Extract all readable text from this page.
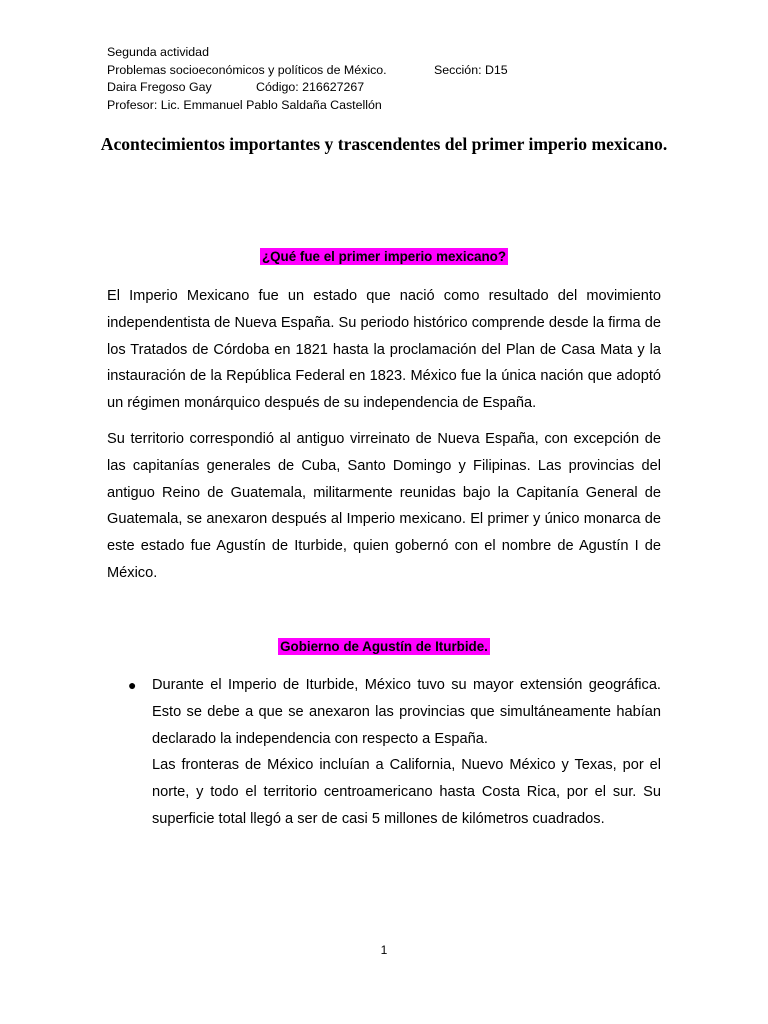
Segunda actividad
Problemas socioeconómicos y políticos de México.	Sección: D15
Daira Fregoso Gay	Código: 216627267
Profesor: Lic. Emmanuel Pablo Saldaña Castellón
Acontecimientos importantes y trascendentes del primer imperio mexicano.
¿Qué fue el primer imperio mexicano?
El Imperio Mexicano fue un estado que nació como resultado del movimiento independentista de Nueva España. Su periodo histórico comprende desde la firma de los Tratados de Córdoba en 1821 hasta la proclamación del Plan de Casa Mata y la instauración de la República Federal en 1823. México fue la única nación que adoptó un régimen monárquico después de su independencia de España.
Su territorio correspondió al antiguo virreinato de Nueva España, con excepción de las capitanías generales de Cuba, Santo Domingo y Filipinas. Las provincias del antiguo Reino de Guatemala, militarmente reunidas bajo la Capitanía General de Guatemala, se anexaron después al Imperio mexicano. El primer y único monarca de este estado fue Agustín de Iturbide, quien gobernó con el nombre de Agustín I de México.
Gobierno de Agustín de Iturbide.
● Durante el Imperio de Iturbide, México tuvo su mayor extensión geográfica. Esto se debe a que se anexaron las provincias que simultáneamente habían declarado la independencia con respecto a España.

Las fronteras de México incluían a California, Nuevo México y Texas, por el norte, y todo el territorio centroamericano hasta Costa Rica, por el sur. Su superficie total llegó a ser de casi 5 millones de kilómetros cuadrados.

1
